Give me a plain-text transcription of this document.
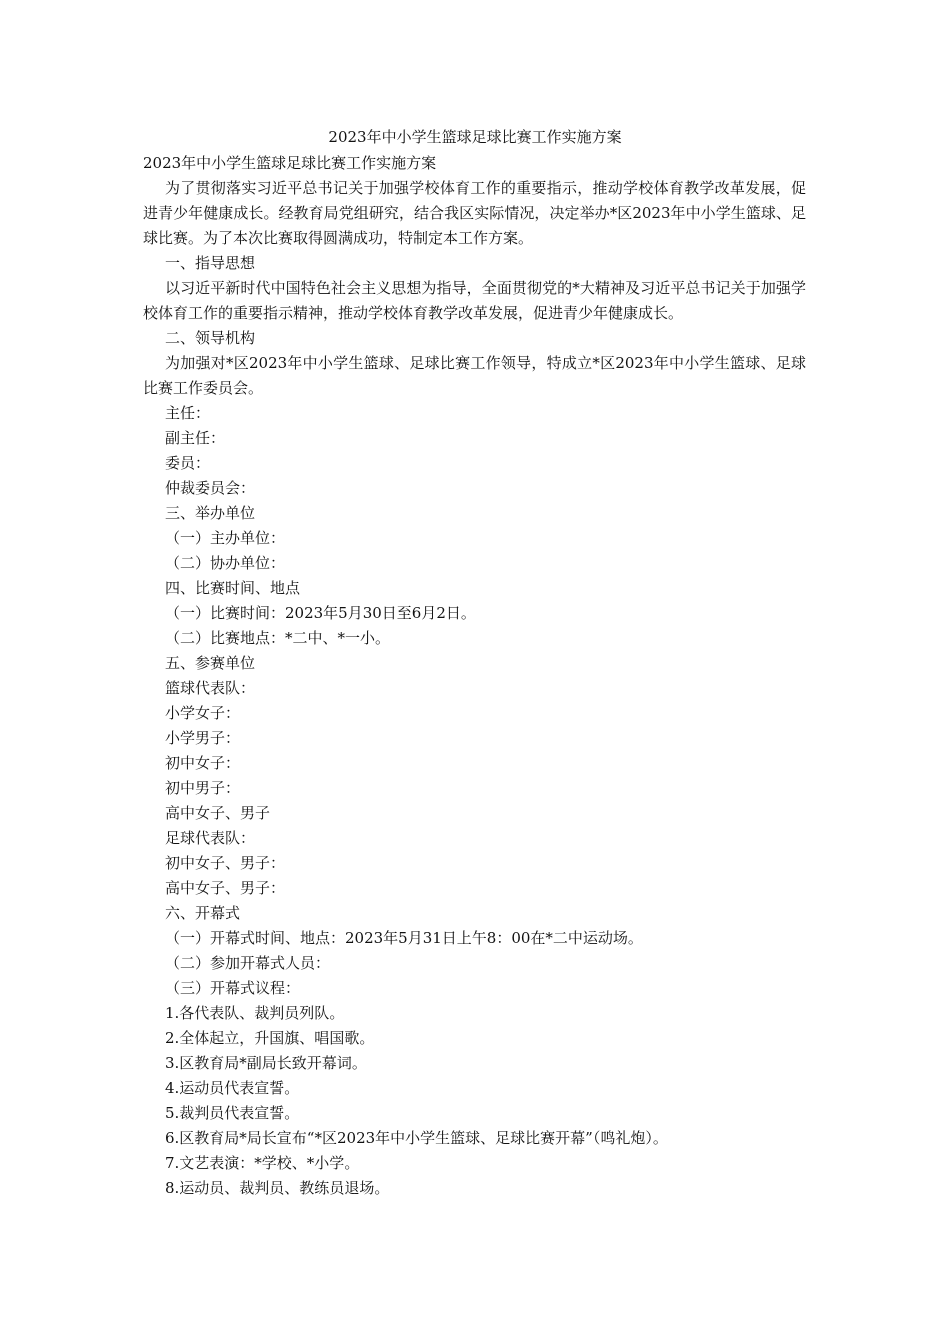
2023年中小学生篮球足球比赛工作实施方案

2023年中小学生篮球足球比赛工作实施方案

为了贯彻落实习近平总书记关于加强学校体育工作的重要指示，推动学校体育教学改革发展，促进青少年健康成长。经教育局党组研究，结合我区实际情况，决定举办*区2023年中小学生篮球、足球比赛。为了本次比赛取得圆满成功，特制定本工作方案。

一、指导思想

以习近平新时代中国特色社会主义思想为指导，全面贯彻党的*大精神及习近平总书记关于加强学校体育工作的重要指示精神，推动学校体育教学改革发展，促进青少年健康成长。

二、领导机构

为加强对*区2023年中小学生篮球、足球比赛工作领导，特成立*区2023年中小学生篮球、足球比赛工作委员会。

主任：

副主任：

委员：

仲裁委员会：

三、举办单位

（一）主办单位：

（二）协办单位：

四、比赛时间、地点

（一）比赛时间：2023年5月30日至6月2日。

（二）比赛地点：*二中、*一小。

五、参赛单位

篮球代表队：

小学女子：

小学男子：

初中女子：

初中男子：

高中女子、男子

足球代表队：

初中女子、男子：

高中女子、男子：

六、开幕式

（一）开幕式时间、地点：2023年5月31日上午8：00在*二中运动场。

（二）参加开幕式人员：

（三）开幕式议程：

1.各代表队、裁判员列队。

2.全体起立，升国旗、唱国歌。

3.区教育局*副局长致开幕词。

4.运动员代表宣誓。

5.裁判员代表宣誓。

6.区教育局*局长宣布“*区2023年中小学生篮球、足球比赛开幕”（鸣礼炮）。

7.文艺表演：*学校、*小学。

8.运动员、裁判员、教练员退场。
